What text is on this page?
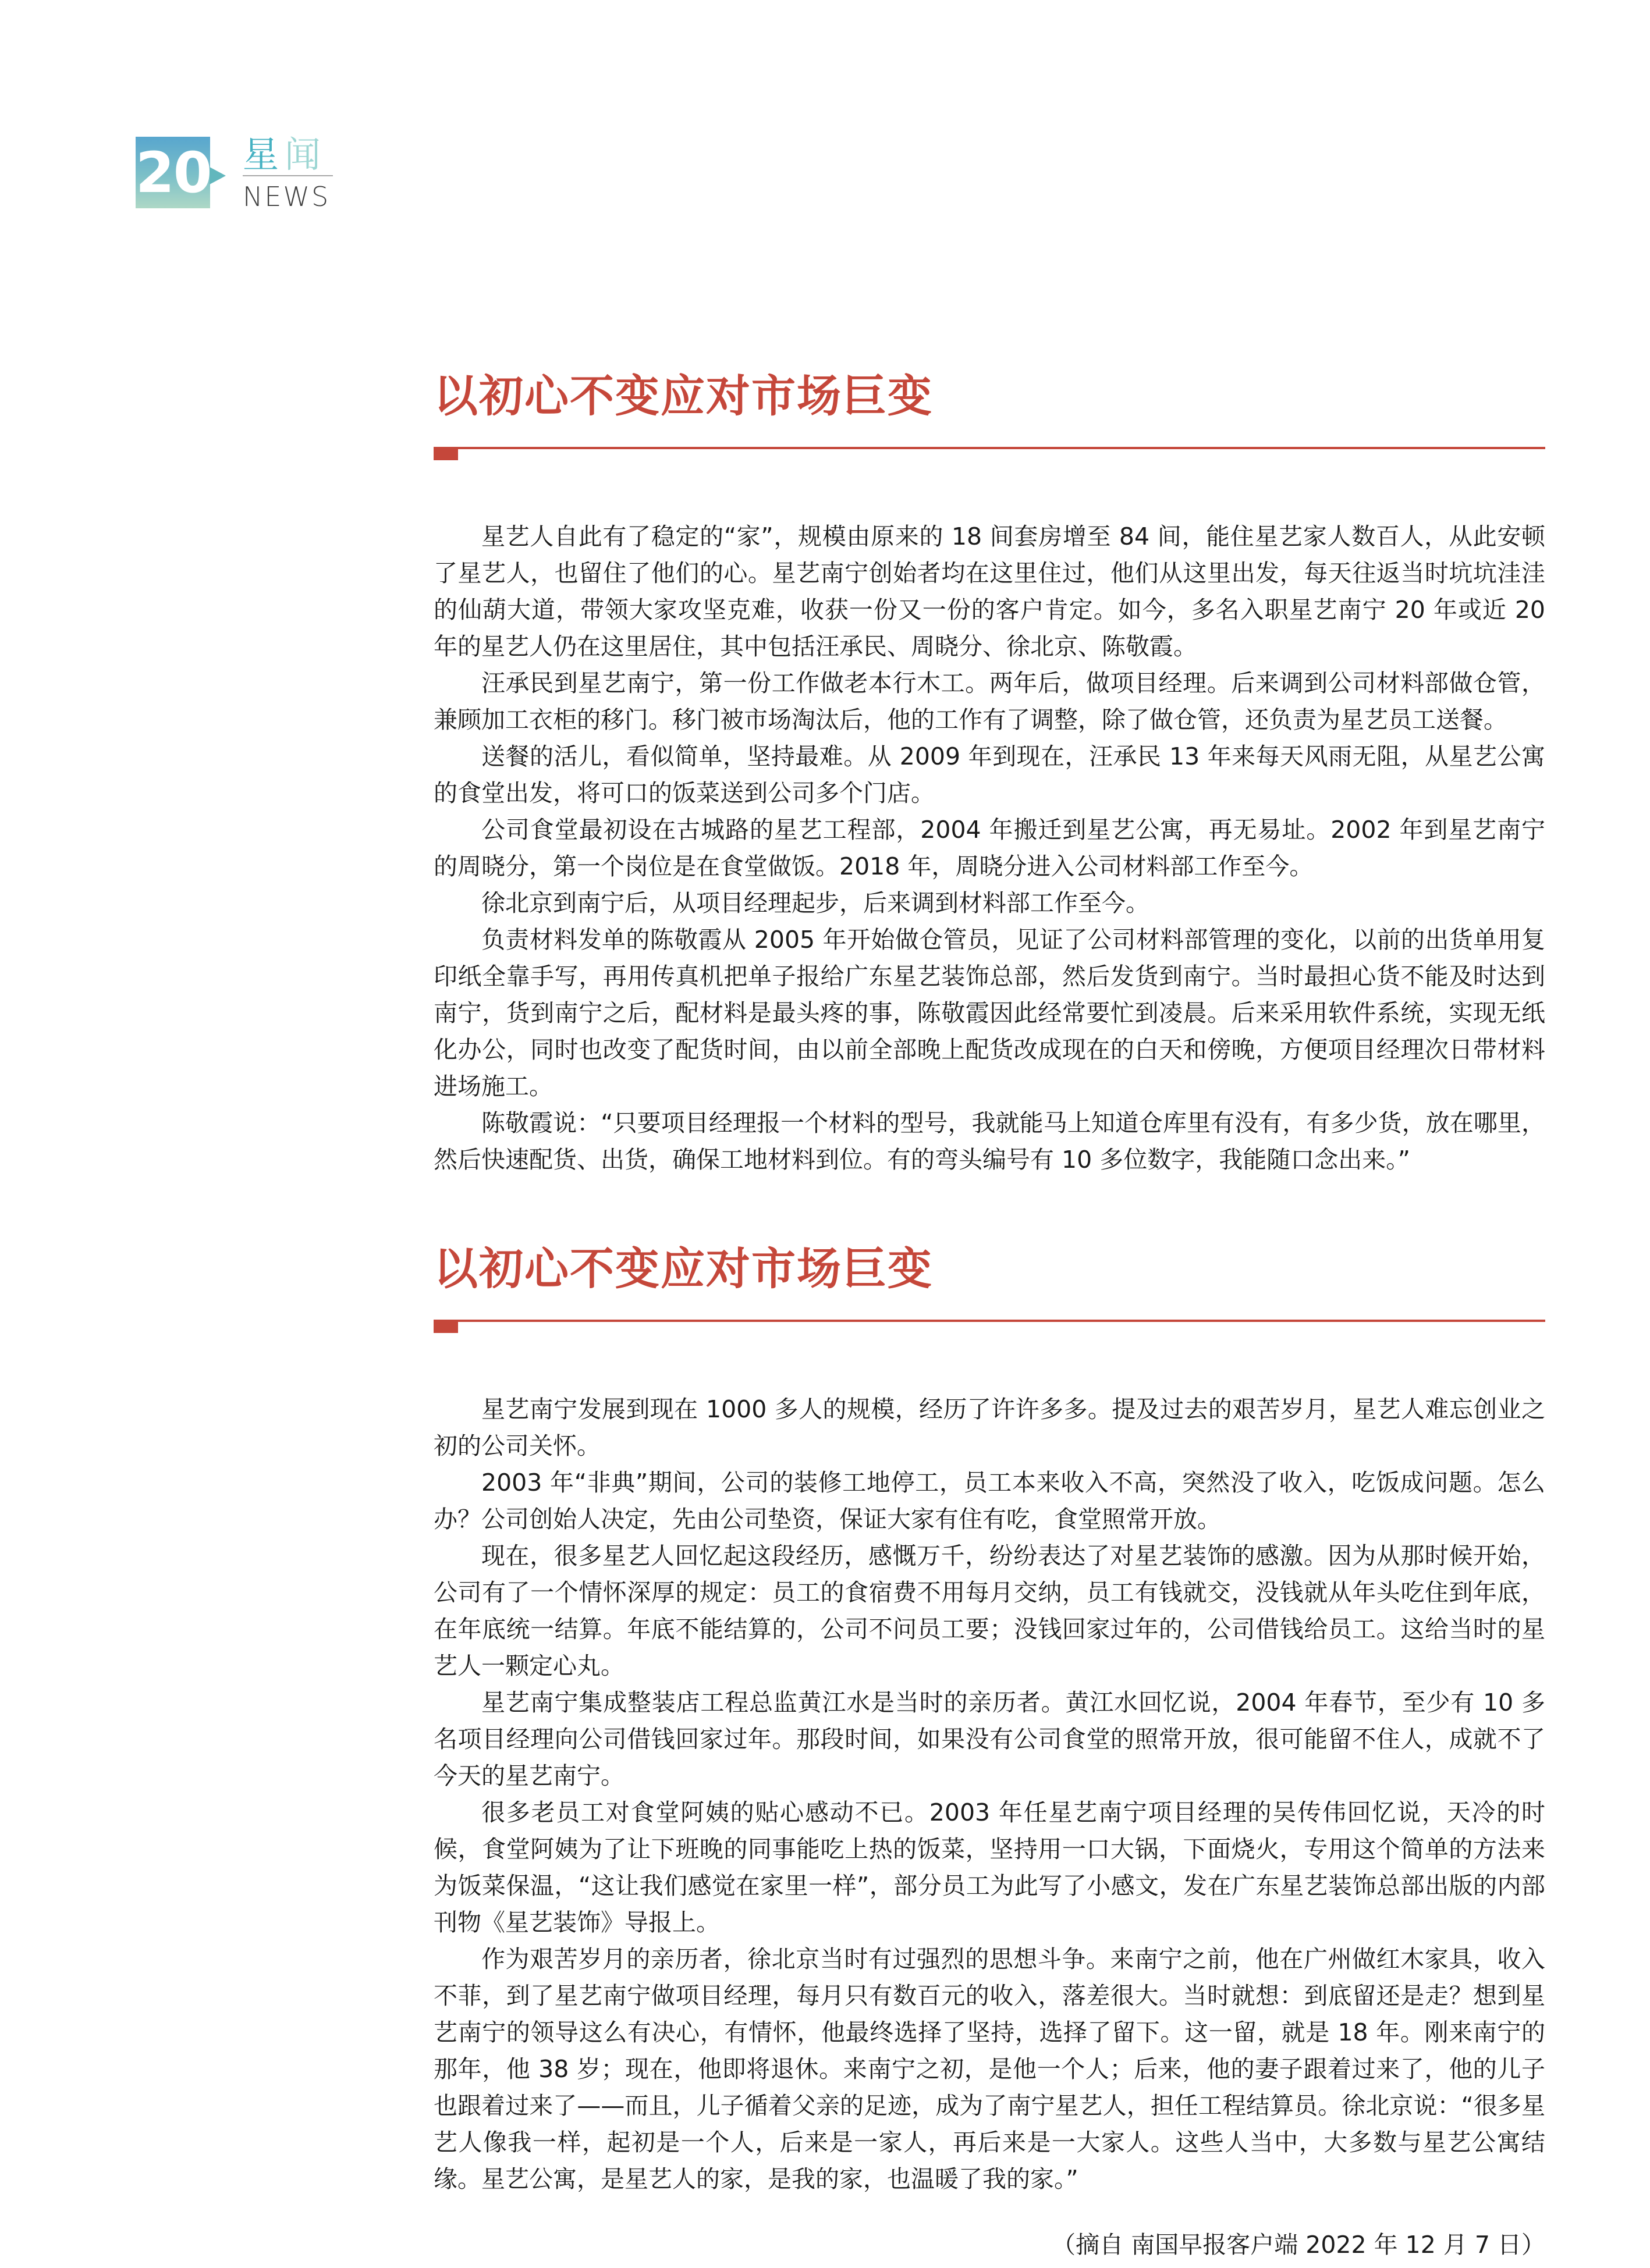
20 星闻
NEWS
以初心不变应对市场巨变

星艺人自此有了稳定的“家”，规模由原来的 18 间套房增至 84 间，能住星艺家人数百人，从此安顿了星艺人，也留住了他们的心。星艺南宁创始者均在这里住过，他们从这里出发，每天往返当时坑坑洼洼的仙葫大道，带领大家攻坚克难，收获一份又一份的客户肯定。如今，多名入职星艺南宁 20 年或近 20 年的星艺人仍在这里居住，其中包括汪承民、周晓分、徐北京、陈敬霞。

汪承民到星艺南宁，第一份工作做老本行木工。两年后，做项目经理。后来调到公司材料部做仓管，兼顾加工衣柜的移门。移门被市场淘汰后，他的工作有了调整，除了做仓管，还负责为星艺员工送餐。

送餐的活儿，看似简单，坚持最难。从 2009 年到现在，汪承民 13 年来每天风雨无阻，从星艺公寓的食堂出发，将可口的饭菜送到公司多个门店。

公司食堂最初设在古城路的星艺工程部，2004 年搬迁到星艺公寓，再无易址。2002 年到星艺南宁的周晓分，第一个岗位是在食堂做饭。2018 年，周晓分进入公司材料部工作至今。

徐北京到南宁后，从项目经理起步，后来调到材料部工作至今。

负责材料发单的陈敬霞从 2005 年开始做仓管员，见证了公司材料部管理的变化，以前的出货单用复印纸全靠手写，再用传真机把单子报给广东星艺装饰总部，然后发货到南宁。当时最担心货不能及时达到南宁，货到南宁之后，配材料是最头疼的事，陈敬霞因此经常要忙到凌晨。后来采用软件系统，实现无纸化办公，同时也改变了配货时间，由以前全部晚上配货改成现在的白天和傍晚，方便项目经理次日带材料进场施工。

陈敬霞说：“只要项目经理报一个材料的型号，我就能马上知道仓库里有没有，有多少货，放在哪里，然后快速配货、出货，确保工地材料到位。有的弯头编号有 10 多位数字，我能随口念出来。”

以初心不变应对市场巨变

星艺南宁发展到现在 1000 多人的规模，经历了许许多多。提及过去的艰苦岁月，星艺人难忘创业之初的公司关怀。

2003 年“非典”期间，公司的装修工地停工，员工本来收入不高，突然没了收入，吃饭成问题。怎么办？公司创始人决定，先由公司垫资，保证大家有住有吃，食堂照常开放。

现在，很多星艺人回忆起这段经历，感慨万千，纷纷表达了对星艺装饰的感激。因为从那时候开始，公司有了一个情怀深厚的规定：员工的食宿费不用每月交纳，员工有钱就交，没钱就从年头吃住到年底，在年底统一结算。年底不能结算的，公司不问员工要；没钱回家过年的，公司借钱给员工。这给当时的星艺人一颗定心丸。

星艺南宁集成整装店工程总监黄江水是当时的亲历者。黄江水回忆说，2004 年春节，至少有 10 多名项目经理向公司借钱回家过年。那段时间，如果没有公司食堂的照常开放，很可能留不住人，成就不了今天的星艺南宁。

很多老员工对食堂阿姨的贴心感动不已。2003 年任星艺南宁项目经理的吴传伟回忆说，天冷的时候，食堂阿姨为了让下班晚的同事能吃上热的饭菜，坚持用一口大锅，下面烧火，专用这个简单的方法来为饭菜保温，“这让我们感觉在家里一样”，部分员工为此写了小感文，发在广东星艺装饰总部出版的内部刊物《星艺装饰》导报上。

作为艰苦岁月的亲历者，徐北京当时有过强烈的思想斗争。来南宁之前，他在广州做红木家具，收入不菲，到了星艺南宁做项目经理，每月只有数百元的收入，落差很大。当时就想：到底留还是走？想到星艺南宁的领导这么有决心，有情怀，他最终选择了坚持，选择了留下。这一留，就是 18 年。刚来南宁的那年，他 38 岁；现在，他即将退休。来南宁之初，是他一个人；后来，他的妻子跟着过来了，他的儿子也跟着过来了——而且，儿子循着父亲的足迹，成为了南宁星艺人，担任工程结算员。徐北京说：“很多星艺人像我一样，起初是一个人，后来是一家人，再后来是一大家人。这些人当中，大多数与星艺公寓结缘。星艺公寓，是星艺人的家，是我的家，也温暖了我的家。”

（摘自 南国早报客户端 2022 年 12 月 7 日）
